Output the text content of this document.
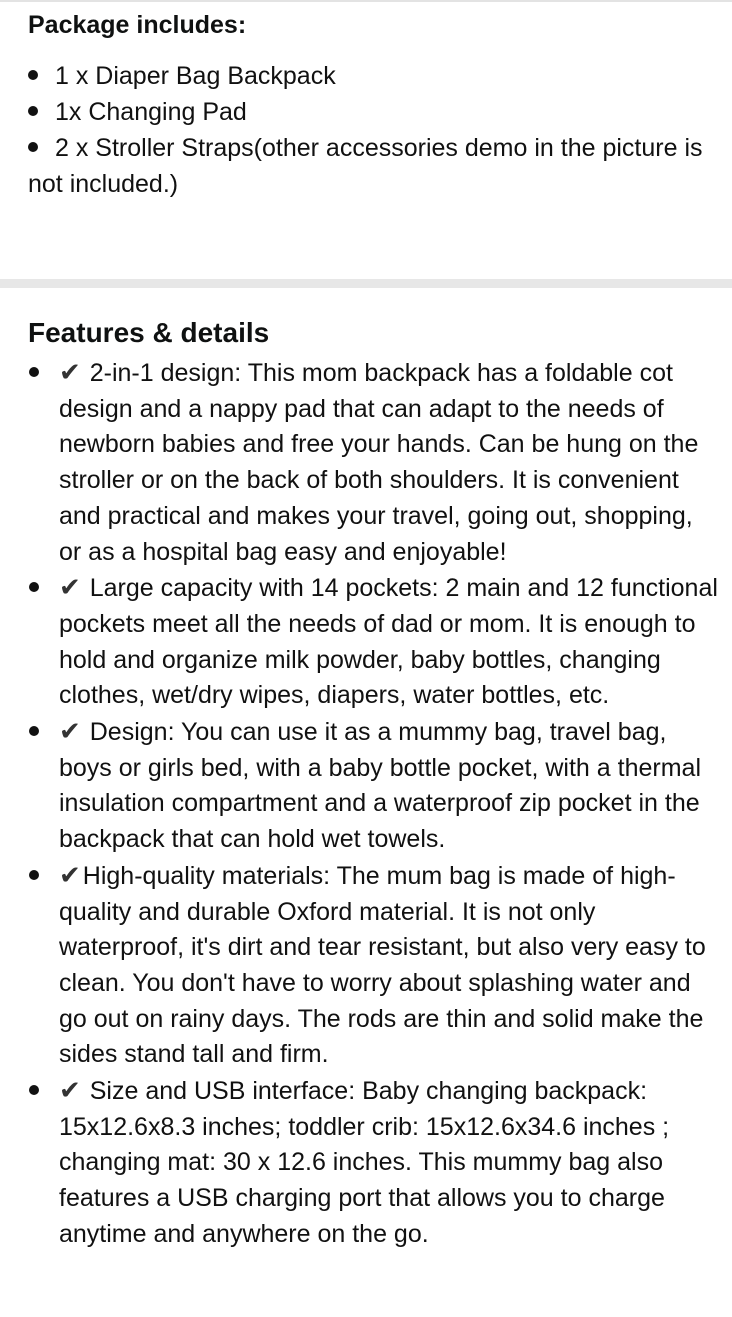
Package includes:
1 x Diaper Bag Backpack
1x Changing Pad
2 x Stroller Straps(other accessories demo in the picture is not included.)
Features & details
✔ 2-in-1 design: This mom backpack has a foldable cot design and a nappy pad that can adapt to the needs of newborn babies and free your hands. Can be hung on the stroller or on the back of both shoulders. It is convenient and practical and makes your travel, going out, shopping, or as a hospital bag easy and enjoyable!
✔ Large capacity with 14 pockets: 2 main and 12 functional pockets meet all the needs of dad or mom. It is enough to hold and organize milk powder, baby bottles, changing clothes, wet/dry wipes, diapers, water bottles, etc.
✔ Design: You can use it as a mummy bag, travel bag, boys or girls bed, with a baby bottle pocket, with a thermal insulation compartment and a waterproof zip pocket in the backpack that can hold wet towels.
✔High-quality materials: The mum bag is made of high-quality and durable Oxford material. It is not only waterproof, it's dirt and tear resistant, but also very easy to clean. You don't have to worry about splashing water and go out on rainy days. The rods are thin and solid make the sides stand tall and firm.
✔ Size and USB interface: Baby changing backpack: 15x12.6x8.3 inches; toddler crib: 15x12.6x34.6 inches ; changing mat: 30 x 12.6 inches. This mummy bag also features a USB charging port that allows you to charge anytime and anywhere on the go.
